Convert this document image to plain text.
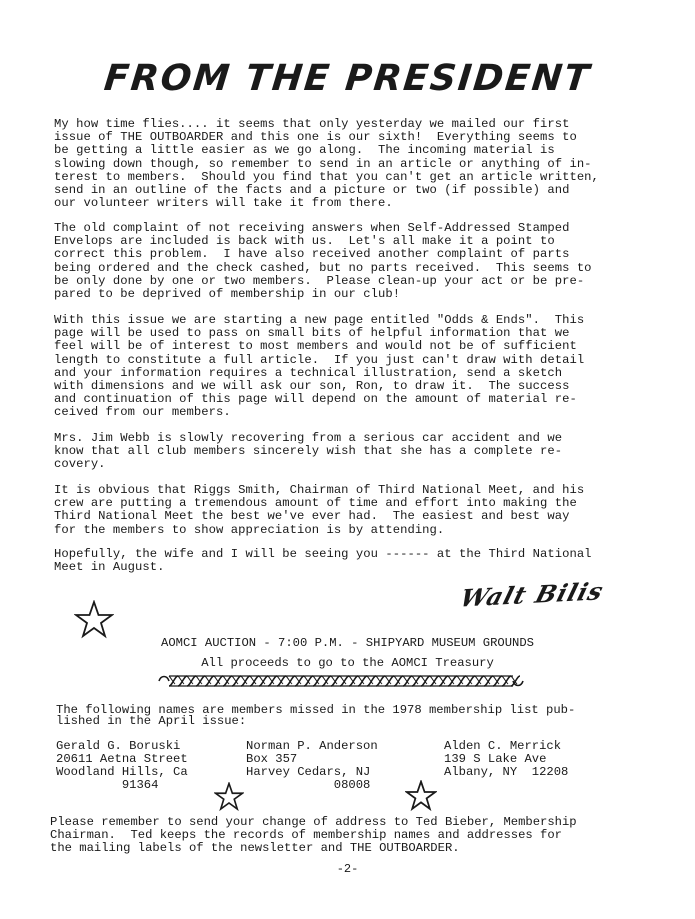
FROM THE PRESIDENT

My how time flies.... it seems that only yesterday we mailed our first
issue of THE OUTBOARDER and this one is our sixth!  Everything seems to
be getting a little easier as we go along.  The incoming material is
slowing down though, so remember to send in an article or anything of in-
terest to members.  Should you find that you can't get an article written,
send in an outline of the facts and a picture or two (if possible) and
our volunteer writers will take it from there.

The old complaint of not receiving answers when Self-Addressed Stamped
Envelops are included is back with us.  Let's all make it a point to
correct this problem.  I have also received another complaint of parts
being ordered and the check cashed, but no parts received.  This seems to
be only done by one or two members.  Please clean-up your act or be pre-
pared to be deprived of membership in our club!

With this issue we are starting a new page entitled "Odds & Ends".  This
page will be used to pass on small bits of helpful information that we
feel will be of interest to most members and would not be of sufficient
length to constitute a full article.  If you just can't draw with detail
and your information requires a technical illustration, send a sketch
with dimensions and we will ask our son, Ron, to draw it.  The success
and continuation of this page will depend on the amount of material re-
ceived from our members.

Mrs. Jim Webb is slowly recovering from a serious car accident and we
know that all club members sincerely wish that she has a complete re-
covery.

It is obvious that Riggs Smith, Chairman of Third National Meet, and his
crew are putting a tremendous amount of time and effort into making the
Third National Meet the best we've ever had.  The easiest and best way
for the members to show appreciation is by attending.

Hopefully, the wife and I will be seeing you ------ at the Third National
Meet in August.

Walt Bilis
AOMCI AUCTION - 7:00 P.M. - SHIPYARD MUSEUM GROUNDS
All proceeds to go to the AOMCI Treasury
The following names are members missed in the 1978 membership list pub-
lished in the April issue:
Gerald G. Boruski
20611 Aetna Street
Woodland Hills, Ca
91364
Norman P. Anderson
Box 357
Harvey Cedars, NJ
08008
Alden C. Merrick
139 S Lake Ave
Albany, NY  12208
Please remember to send your change of address to Ted Bieber, Membership
Chairman.  Ted keeps the records of membership names and addresses for
the mailing labels of the newsletter and THE OUTBOARDER.
-2-
